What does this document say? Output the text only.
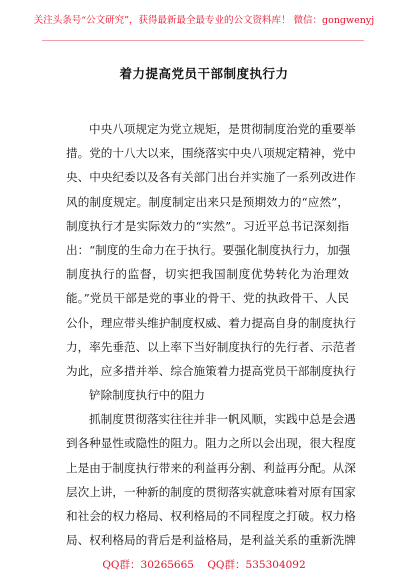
关注头条号“公文研究”，获得最新最全最专业的公文资料库！ 微信：gongwenyj
着力提高党员干部制度执行力
中央八项规定为党立规矩，是贯彻制度治党的重要举
措。党的十八大以来，围绕落实中央八项规定精神，党中
央、中央纪委以及各有关部门出台并实施了一系列改进作
风的制度规定。制度制定出来只是预期效力的“应然”，
制度执行才是实际效力的“实然”。习近平总书记深刻指
出：“制度的生命力在于执行。要强化制度执行力，加强
制度执行的监督，切实把我国制度优势转化为治理效
能。”党员干部是党的事业的骨干、党的执政骨干、人民
公仆，理应带头维护制度权威、着力提高自身的制度执行
力，率先垂范、以上率下当好制度执行的先行者、示范者
为此，应多措并举、综合施策着力提高党员干部制度执行
铲除制度执行中的阻力
抓制度贯彻落实往往并非一帆风顺，实践中总是会遇
到各种显性或隐性的阻力。阻力之所以会出现，很大程度
上是由于制度执行带来的利益再分割、利益再分配。从深
层次上讲，一种新的制度的贯彻落实就意味着对原有国家
和社会的权力格局、权利格局的不同程度之打破。权力格
局、权利格局的背后是利益格局，是利益关系的重新洗牌
QQ群：30265665    QQ群：535304092
